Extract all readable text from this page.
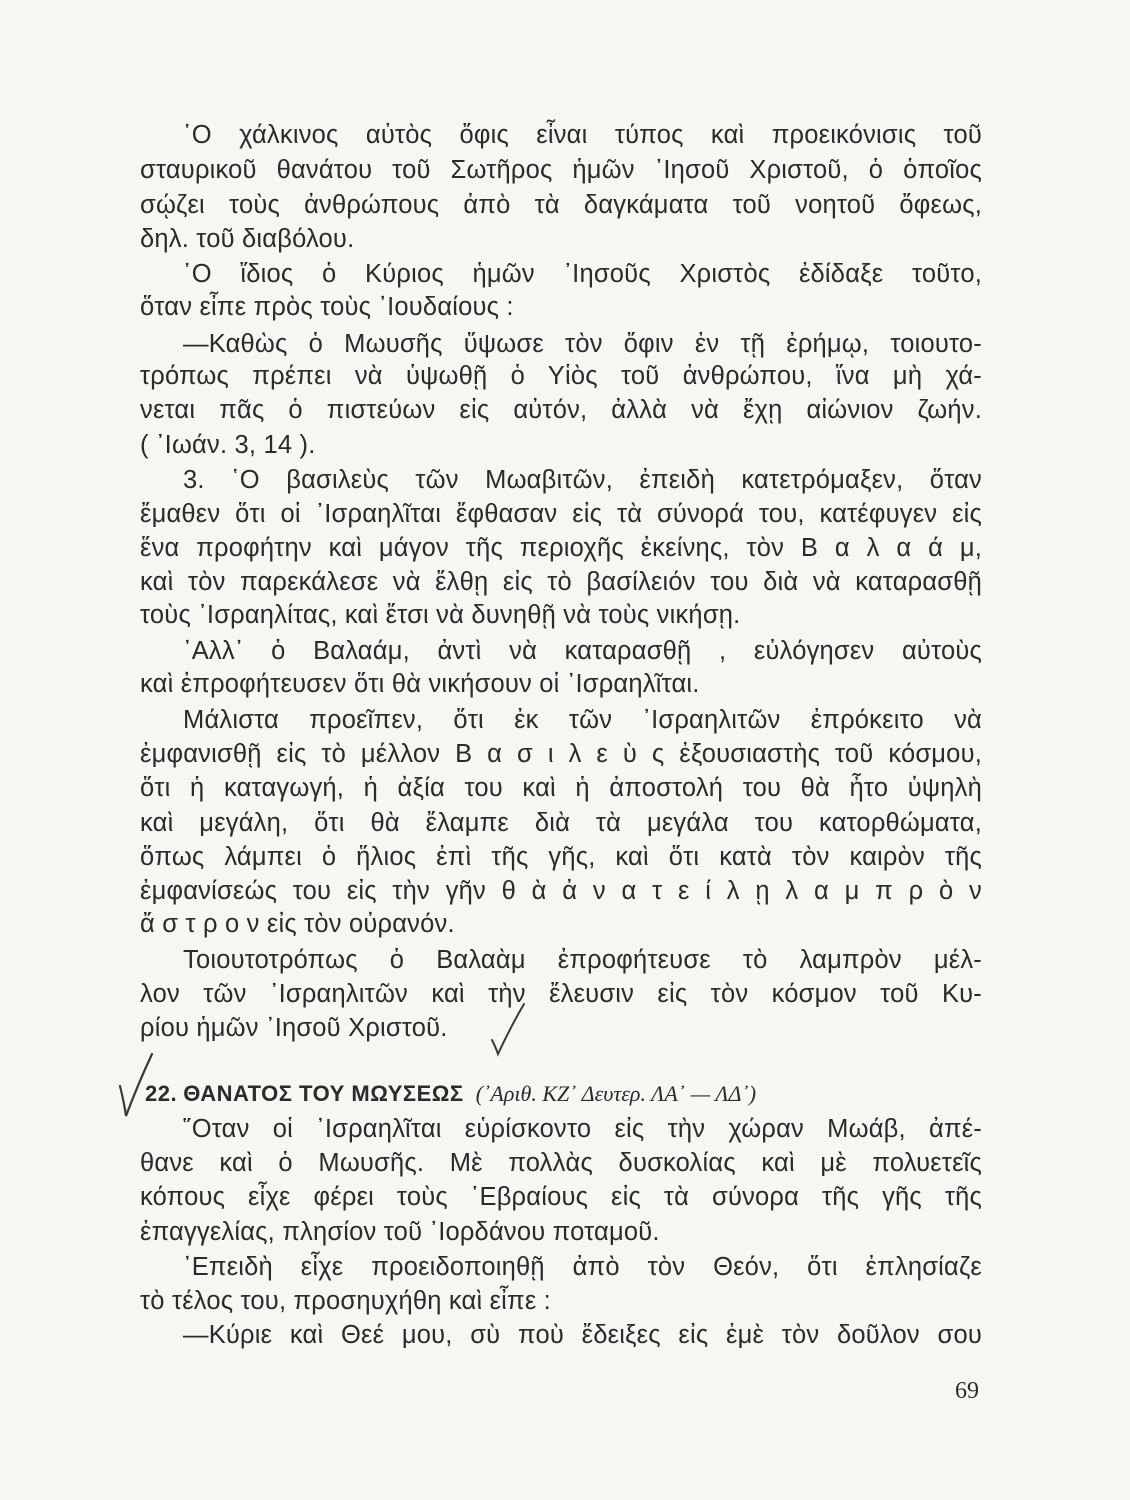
῾Ο χάλκινος αὐτὸς ὄφις εἶναι τύπος καὶ προεικόνισις τοῦ
σταυρικοῦ θανάτου τοῦ Σωτῆρος ἡμῶν ᾿Ιησοῦ Χριστοῦ, ὁ ὁποῖος
σῴζει τοὺς ἀνθρώπους ἀπὸ τὰ δαγκάματα τοῦ νοητοῦ ὄφεως,
δηλ. τοῦ διαβόλου.
῾Ο ἴδιος ὁ Κύριος ἡμῶν ᾿Ιησοῦς Χριστὸς ἐδίδαξε τοῦτο,
ὅταν εἶπε πρὸς τοὺς ᾿Ιουδαίους :
—Καθὼς ὁ Μωυσῆς ὕψωσε τὸν ὄφιν ἐν τῇ ἐρήμῳ, τοιουτο-
τρόπως πρέπει νὰ ὑψωθῇ ὁ Υἱὸς τοῦ ἀνθρώπου, ἵνα μὴ χά-
νεται πᾶς ὁ πιστεύων εἰς αὐτόν, ἀλλὰ νὰ ἔχῃ αἰώνιον ζωήν.
( ᾿Ιωάν. 3, 14 ).
3. ῾Ο βασιλεὺς τῶν Μωαβιτῶν, ἐπειδὴ κατετρόμαξεν, ὅταν
ἔμαθεν ὅτι οἱ ᾿Ισραηλῖται ἔφθασαν εἰς τὰ σύνορά του, κατέφυγεν εἰς
ἕνα προφήτην καὶ μάγον τῆς περιοχῆς ἐκείνης, τὸν Β α λ α ά μ,
καὶ τὸν παρεκάλεσε νὰ ἔλθῃ εἰς τὸ βασίλειόν του διὰ νὰ καταρασθῇ
τοὺς ᾿Ισραηλίτας, καὶ ἔτσι νὰ δυνηθῇ νὰ τοὺς νικήσῃ.
᾿Αλλ᾿ ὁ Βαλαάμ, ἀντὶ νὰ καταρασθῇ , εὐλόγησεν αὐτοὺς
καὶ ἐπροφήτευσεν ὅτι θὰ νικήσουν οἱ ᾿Ισραηλῖται.
Μάλιστα προεῖπεν, ὅτι ἐκ τῶν ᾿Ισραηλιτῶν ἐπρόκειτο νὰ
ἐμφανισθῇ εἰς τὸ μέλλον Β α σ ι λ ε ὺ ς ἐξουσιαστὴς τοῦ κόσμου,
ὅτι ἡ καταγωγή, ἡ ἀξία του καὶ ἡ ἀποστολή του θὰ ἦτο ὑψηλὴ
καὶ μεγάλη, ὅτι θὰ ἔλαμπε διὰ τὰ μεγάλα του κατορθώματα,
ὅπως λάμπει ὁ ἥλιος ἐπὶ τῆς γῆς, καὶ ὅτι κατὰ τὸν καιρὸν τῆς
ἐμφανίσεώς του εἰς τὴν γῆν θ ὰ ἀ ν α τ ε ί λ ῃ λ α μ π ρ ὸ ν
ἄ σ τ ρ ο ν εἰς τὸν οὐρανόν.
Τοιουτοτρόπως ὁ Βαλαὰμ ἐπροφήτευσε τὸ λαμπρὸν μέλ-
λον τῶν ᾿Ισραηλιτῶν καὶ τὴν ἔλευσιν εἰς τὸν κόσμον τοῦ Κυ-
ρίου ἡμῶν ᾿Ιησοῦ Χριστοῦ.
22. ΘΑΝΑΤΟΣ ΤΟΥ ΜΩΥΣΕΩΣ (᾿Αριθ. ΚΖ᾿ Δευτερ. ΛΑ᾿ — ΛΔ᾿)
῞Οταν οἱ ᾿Ισραηλῖται εὑρίσκοντο εἰς τὴν χώραν Μωάβ, ἀπέ-
θανε καὶ ὁ Μωυσῆς. Μὲ πολλὰς δυσκολίας καὶ μὲ πολυετεῖς
κόπους εἶχε φέρει τοὺς ῾Εβραίους εἰς τὰ σύνορα τῆς γῆς τῆς
ἐπαγγελίας, πλησίον τοῦ ᾿Ιορδάνου ποταμοῦ.
᾿Επειδὴ εἶχε προειδοποιηθῇ ἀπὸ τὸν Θεόν, ὅτι ἐπλησίαζε
τὸ τέλος του, προσηυχήθη καὶ εἶπε :
—Κύριε καὶ Θεέ μου, σὺ ποὺ ἔδειξες εἰς ἐμὲ τὸν δοῦλον σου
69
